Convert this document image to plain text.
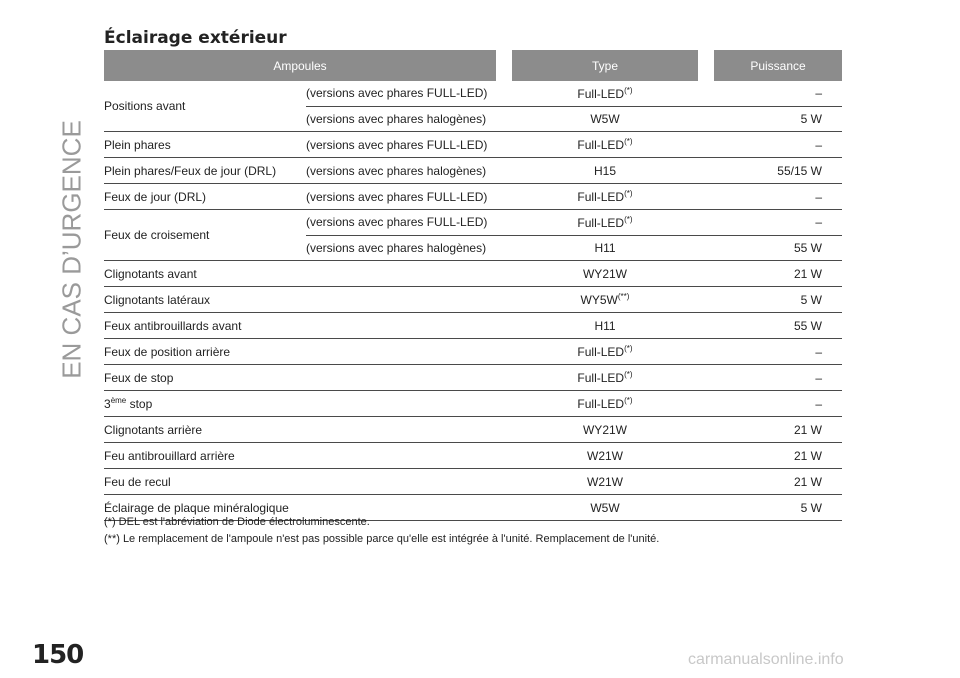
EN CAS D’URGENCE
Éclairage extérieur
Ampoules	Type	Puissance
Positions avant
(versions avec phares FULL-LED)	Full-LED(*)	–
(versions avec phares halogènes)	W5W	5 W
Plein phares	(versions avec phares FULL-LED)	Full-LED(*)	–
Plein phares/Feux de jour (DRL)	(versions avec phares halogènes)	H15	55/15 W
Feux de jour (DRL)	(versions avec phares FULL-LED)	Full-LED(*)	–
Feux de croisement
(versions avec phares FULL-LED)	Full-LED(*)	–
(versions avec phares halogènes)	H11	55 W
Clignotants avant	WY21W	21 W
Clignotants latéraux	WY5W(**)	5 W
Feux antibrouillards avant	H11	55 W
Feux de position arrière	Full-LED(*)	–
Feux de stop	Full-LED(*)	–
3ème stop	Full-LED(*)	–
Clignotants arrière	WY21W	21 W
Feu antibrouillard arrière	W21W	21 W
Feu de recul	W21W	21 W
Éclairage de plaque minéralogique	W5W	5 W
(*) DEL est l'abréviation de Diode électroluminescente.
(**) Le remplacement de l'ampoule n'est pas possible parce qu'elle est intégrée à l'unité. Remplacement de l'unité.
150	carmanualsonline.info
